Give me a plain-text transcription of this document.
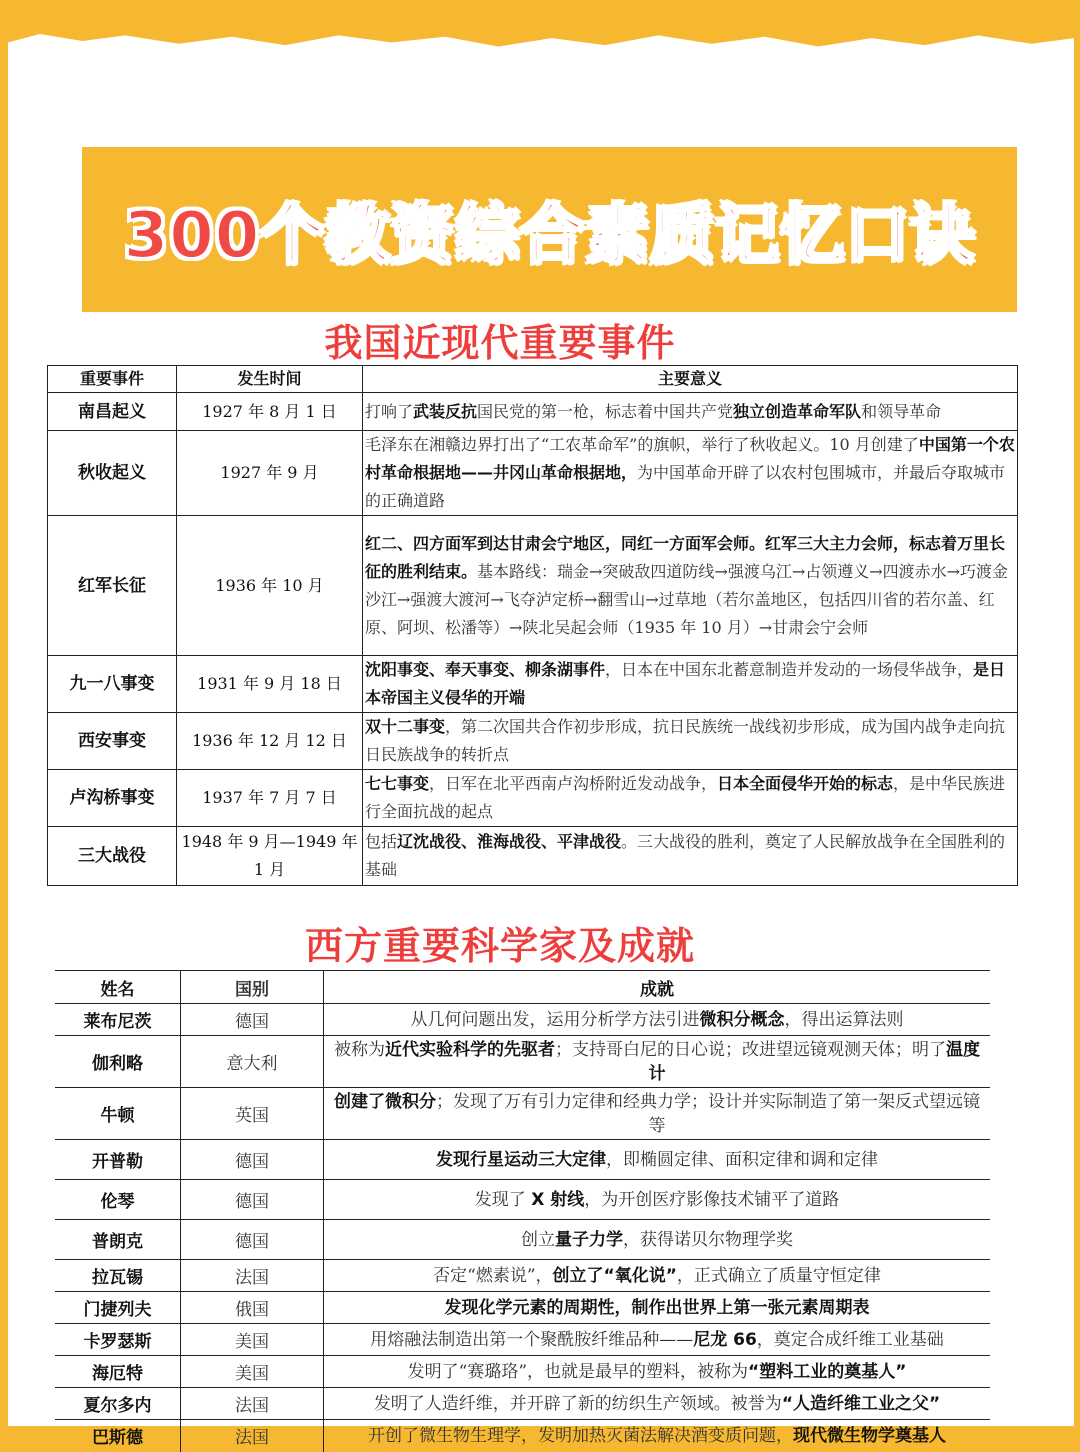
300个教资综合素质记忆口诀
我国近现代重要事件
重要事件	发生时间	主要意义
南昌起义	1927 年 8 月 1 日	打响了武装反抗国民党的第一枪，标志着中国共产党独立创造革命军队和领导革命
秋收起义	1927 年 9 月	毛泽东在湘赣边界打出了“工农革命军”的旗帜，举行了秋收起义。10 月创建了中国第一个农村革命根据地——井冈山革命根据地，为中国革命开辟了以农村包围城市，并最后夺取城市的正确道路
红军长征	1936 年 10 月	红二、四方面军到达甘肃会宁地区，同红一方面军会师。红军三大主力会师，标志着万里长征的胜利结束。基本路线：瑞金→突破敌四道防线→强渡乌江→占领遵义→四渡赤水→巧渡金沙江→强渡大渡河→飞夺泸定桥→翻雪山→过草地（若尔盖地区，包括四川省的若尔盖、红原、阿坝、松潘等）→陕北吴起会师（1935 年 10 月）→甘肃会宁会师
九一八事变	1931 年 9 月 18 日	沈阳事变、奉天事变、柳条湖事件，日本在中国东北蓄意制造并发动的一场侵华战争，是日本帝国主义侵华的开端
西安事变	1936 年 12 月 12 日	双十二事变，第二次国共合作初步形成，抗日民族统一战线初步形成，成为国内战争走向抗日民族战争的转折点
卢沟桥事变	1937 年 7 月 7 日	七七事变，日军在北平西南卢沟桥附近发动战争，日本全面侵华开始的标志，是中华民族进行全面抗战的起点
三大战役	1948 年 9 月—1949 年 1 月	包括辽沈战役、淮海战役、平津战役。三大战役的胜利，奠定了人民解放战争在全国胜利的基础
西方重要科学家及成就
姓名	国别	成就
莱布尼茨	德国	从几何问题出发，运用分析学方法引进微积分概念，得出运算法则
伽利略	意大利	被称为近代实验科学的先驱者；支持哥白尼的日心说；改进望远镜观测天体；明了温度计
牛顿	英国	创建了微积分；发现了万有引力定律和经典力学；设计并实际制造了第一架反式望远镜等
开普勒	德国	发现行星运动三大定律，即椭圆定律、面积定律和调和定律
伦琴	德国	发现了 X 射线，为开创医疗影像技术铺平了道路
普朗克	德国	创立量子力学，获得诺贝尔物理学奖
拉瓦锡	法国	否定“燃素说”，创立了“氧化说”，正式确立了质量守恒定律
门捷列夫	俄国	发现化学元素的周期性，制作出世界上第一张元素周期表
卡罗瑟斯	美国	用熔融法制造出第一个聚酰胺纤维品种——尼龙 66，奠定合成纤维工业基础
海厄特	美国	发明了“赛璐珞”，也就是最早的塑料，被称为“塑料工业的奠基人”
夏尔多内	法国	发明了人造纤维，并开辟了新的纺织生产领域。被誉为“人造纤维工业之父”
巴斯德	法国	开创了微生物生理学，发明加热灭菌法解决酒变质问题，现代微生物学奠基人
